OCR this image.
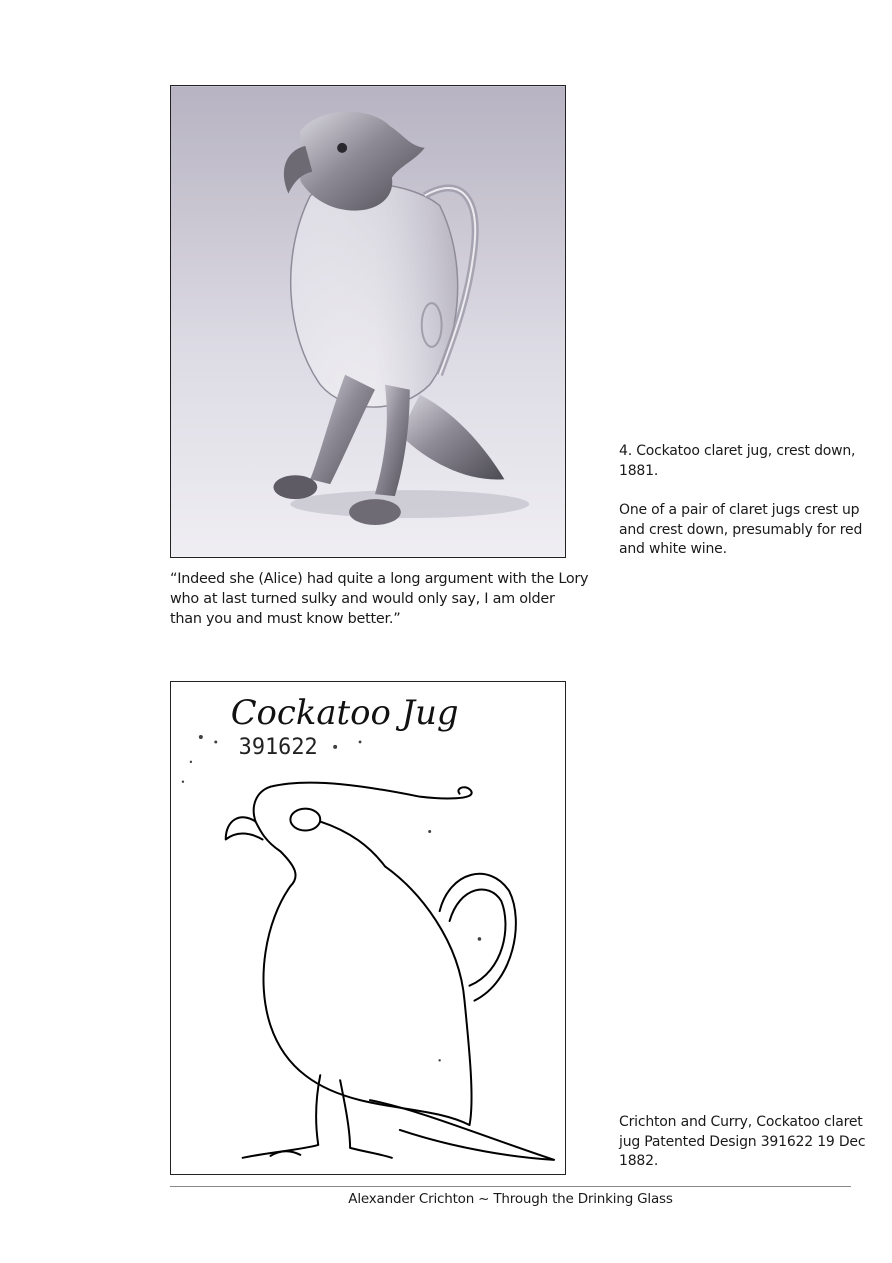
4. Cockatoo claret jug, crest down, 1881.
One of a pair of claret jugs crest up and crest down, presumably for red and white wine.
“Indeed she (Alice) had quite a long argument with the Lory who at last turned sulky and would only say, I am older than you and must know better.”
Cockatoo Jug
391622
Crichton and Curry, Cockatoo claret jug Patented Design 391622 19 Dec 1882.
Alexander Crichton ~ Through the Drinking Glass
